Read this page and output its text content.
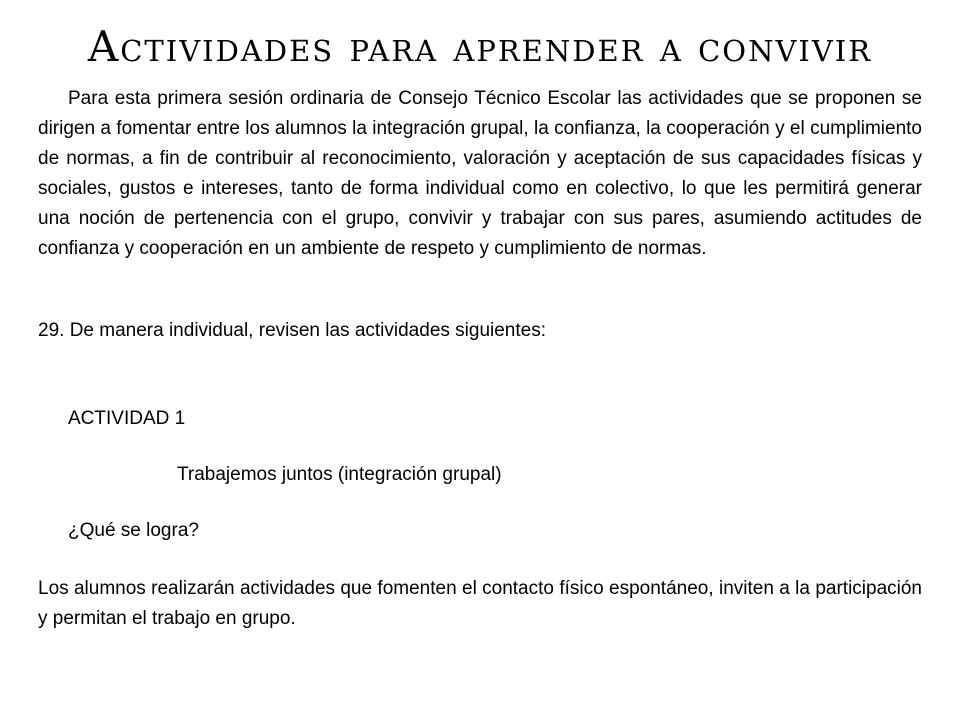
Actividades para aprender a convivir

Para esta primera sesión ordinaria de Consejo Técnico Escolar las actividades que se proponen se dirigen a fomentar entre los alumnos la integración grupal, la confianza, la cooperación y el cumplimiento de normas, a fin de contribuir al reconocimiento, valoración y aceptación de sus capacidades físicas y sociales, gustos e intereses, tanto de forma individual como en colectivo, lo que les permitirá generar una noción de pertenencia con el grupo, convivir y trabajar con sus pares, asumiendo actitudes de confianza y cooperación en un ambiente de respeto y cumplimiento de normas.

29. De manera individual, revisen las actividades siguientes:

ACTIVIDAD 1

Trabajemos juntos (integración grupal)

¿Qué se logra?

Los alumnos realizarán actividades que fomenten el contacto físico espontáneo, inviten a la participación y permitan el trabajo en grupo.
